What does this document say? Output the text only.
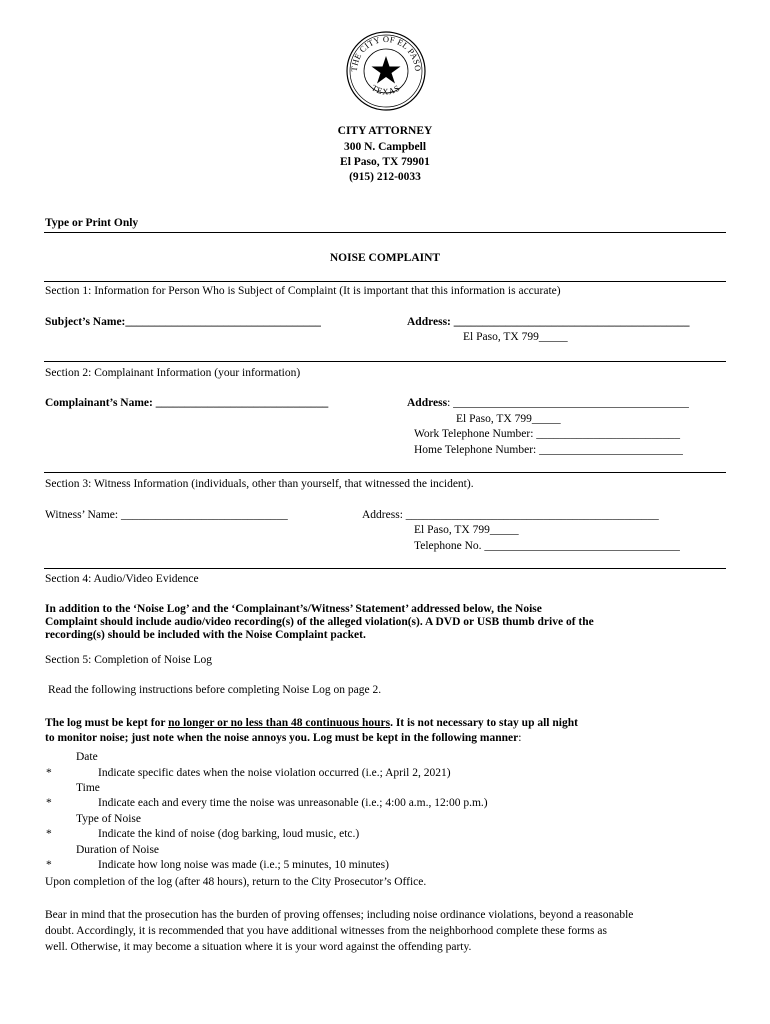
THE CITY OF EL PASO
TEXAS
CITY ATTORNEY
300 N. Campbell
El Paso, TX 79901
(915) 212-0033
Type or Print Only
NOISE COMPLAINT
Section 1: Information for Person Who is Subject of Complaint (It is important that this information is accurate)
Subject’s Name:__________________________________	Address: _________________________________________
El Paso, TX 799_____
Section 2: Complainant Information (your information)
Complainant’s Name: ______________________________	Address: _________________________________________
El Paso, TX 799_____
Work Telephone Number: _________________________
Home Telephone Number: _________________________
Section 3: Witness Information (individuals, other than yourself, that witnessed the incident).
Witness’ Name: _____________________________	Address: ____________________________________________
El Paso, TX 799_____
Telephone No. __________________________________
Section 4: Audio/Video Evidence
In addition to the ‘Noise Log’ and the ‘Complainant’s/Witness’ Statement’ addressed below, the Noise
Complaint should include audio/video recording(s) of the alleged violation(s). A DVD or USB thumb drive of the
recording(s) should be included with the Noise Complaint packet.
Section 5: Completion of Noise Log
Read the following instructions before completing Noise Log on page 2.
The log must be kept for no longer or no less than 48 continuous hours. It is not necessary to stay up all night
to monitor noise; just note when the noise annoys you. Log must be kept in the following manner:
Date
*	Indicate specific dates when the noise violation occurred (i.e.; April 2, 2021)
Time
*	Indicate each and every time the noise was unreasonable (i.e.; 4:00 a.m., 12:00 p.m.)
Type of Noise
*	Indicate the kind of noise (dog barking, loud music, etc.)
Duration of Noise
*	Indicate how long noise was made (i.e.; 5 minutes, 10 minutes)
Upon completion of the log (after 48 hours), return to the City Prosecutor’s Office.
Bear in mind that the prosecution has the burden of proving offenses; including noise ordinance violations, beyond a reasonable
doubt. Accordingly, it is recommended that you have additional witnesses from the neighborhood complete these forms as
well. Otherwise, it may become a situation where it is your word against the offending party.
